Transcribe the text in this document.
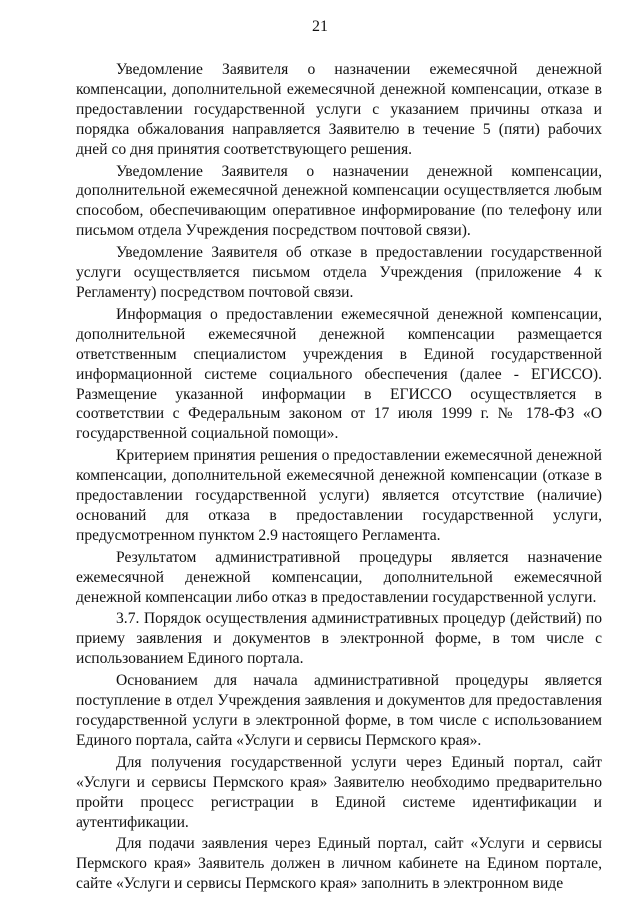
21

Уведомление Заявителя о назначении ежемесячной денежной компенсации, дополнительной ежемесячной денежной компенсации, отказе в предоставлении государственной услуги с указанием причины отказа и порядка обжалования направляется Заявителю в течение 5 (пяти) рабочих дней со дня принятия соответствующего решения.

Уведомление Заявителя о назначении денежной компенсации, дополнительной ежемесячной денежной компенсации осуществляется любым способом, обеспечивающим оперативное информирование (по телефону или письмом отдела Учреждения посредством почтовой связи).

Уведомление Заявителя об отказе в предоставлении государственной услуги осуществляется письмом отдела Учреждения (приложение 4 к Регламенту) посредством почтовой связи.

Информация о предоставлении ежемесячной денежной компенсации, дополнительной ежемесячной денежной компенсации размещается ответственным специалистом учреждения в Единой государственной информационной системе социального обеспечения (далее - ЕГИССО). Размещение указанной информации в ЕГИССО осуществляется в соответствии с Федеральным законом от 17 июля 1999 г. № 178-ФЗ «О государственной социальной помощи».

Критерием принятия решения о предоставлении ежемесячной денежной компенсации, дополнительной ежемесячной денежной компенсации (отказе в предоставлении государственной услуги) является отсутствие (наличие) оснований для отказа в предоставлении государственной услуги, предусмотренном пунктом 2.9 настоящего Регламента.

Результатом административной процедуры является назначение ежемесячной денежной компенсации, дополнительной ежемесячной денежной компенсации либо отказ в предоставлении государственной услуги.

3.7. Порядок осуществления административных процедур (действий) по приему заявления и документов в электронной форме, в том числе с использованием Единого портала.

Основанием для начала административной процедуры является поступление в отдел Учреждения заявления и документов для предоставления государственной услуги в электронной форме, в том числе с использованием Единого портала, сайта «Услуги и сервисы Пермского края».

Для получения государственной услуги через Единый портал, сайт «Услуги и сервисы Пермского края» Заявителю необходимо предварительно пройти процесс регистрации в Единой системе идентификации и аутентификации.

Для подачи заявления через Единый портал, сайт «Услуги и сервисы Пермского края» Заявитель должен в личном кабинете на Едином портале, сайте «Услуги и сервисы Пермского края» заполнить в электронном виде
